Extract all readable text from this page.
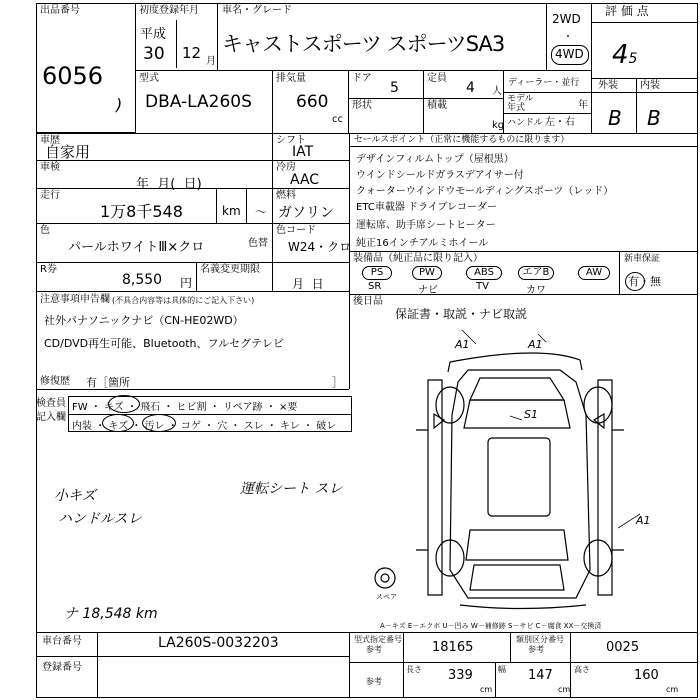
出品番号
6056
)
初度登録年月
平成
30 12 月
車名・グレード
キャストスポーツ スポーツSA3
2WD
・
4WD
評 価 点
45
4.5
外装 内装
B B
型式
DBA-LA260S
排気量
660
cc
ドア
5
定員
4 人
形状	積載
kg
ディーラー・並行
モデル年式	年
ハンドル 左・右
車歴
自家用
シフト
IAT
車検
年  月(  日)
冷房
AAC
走行
1万8千548	km ～
燃料
ガソリン
色
パールホワイトⅢ×クロ	色替
色コード
W24・クロ
R券
8,550 円
名義変更期限
月  日
セールスポイント（正常に機能するものに限ります）
デザインフィルムトップ（屋根黒）
ウインドシールドガラスデアイサー付
クォーターウインドウモールディングスポーツ（レッド）
ETC車載器 ドライブレコーダー
運転席、助手席シートヒーター
純正16インチアルミホイール
装備品（純正品に限り記入）	新車保証
有・無
PS	PW	ABS	エアB	AW
SR	ナビ	TV	カワ
後日品
保証書・取説・ナビ取説
注意事項申告欄 (不具合内容等は具体的にご記入下さい)
社外パナソニックナビ（CN-HE02WD）
CD/DVD再生可能、Bluetooth、フルセグテレビ
修復歴 有［箇所	］
検査員
記入欄
FW ・ キズ ・ 飛石 ・ ヒビ割 ・ リペア跡 ・ ×要
内装 ・ キズ ・ 汚レ ・ コゲ ・ 穴 ・ スレ ・ キレ ・ 破レ
小キズ	運転シート スレ
ハンドルスレ
ナ 18,548 km
A1	A1
S1
A1
スペア
A－キズ E－エクボ U－凹み W－補修跡 S－サビ C－腐食 XX－交換済
車台番号	LA260S-0032203
登録番号
型式指定番号
参考	18165
類別区分番号
参考	0025
参考
長さ 339
cm
幅 147
cm
高さ	160
cm
